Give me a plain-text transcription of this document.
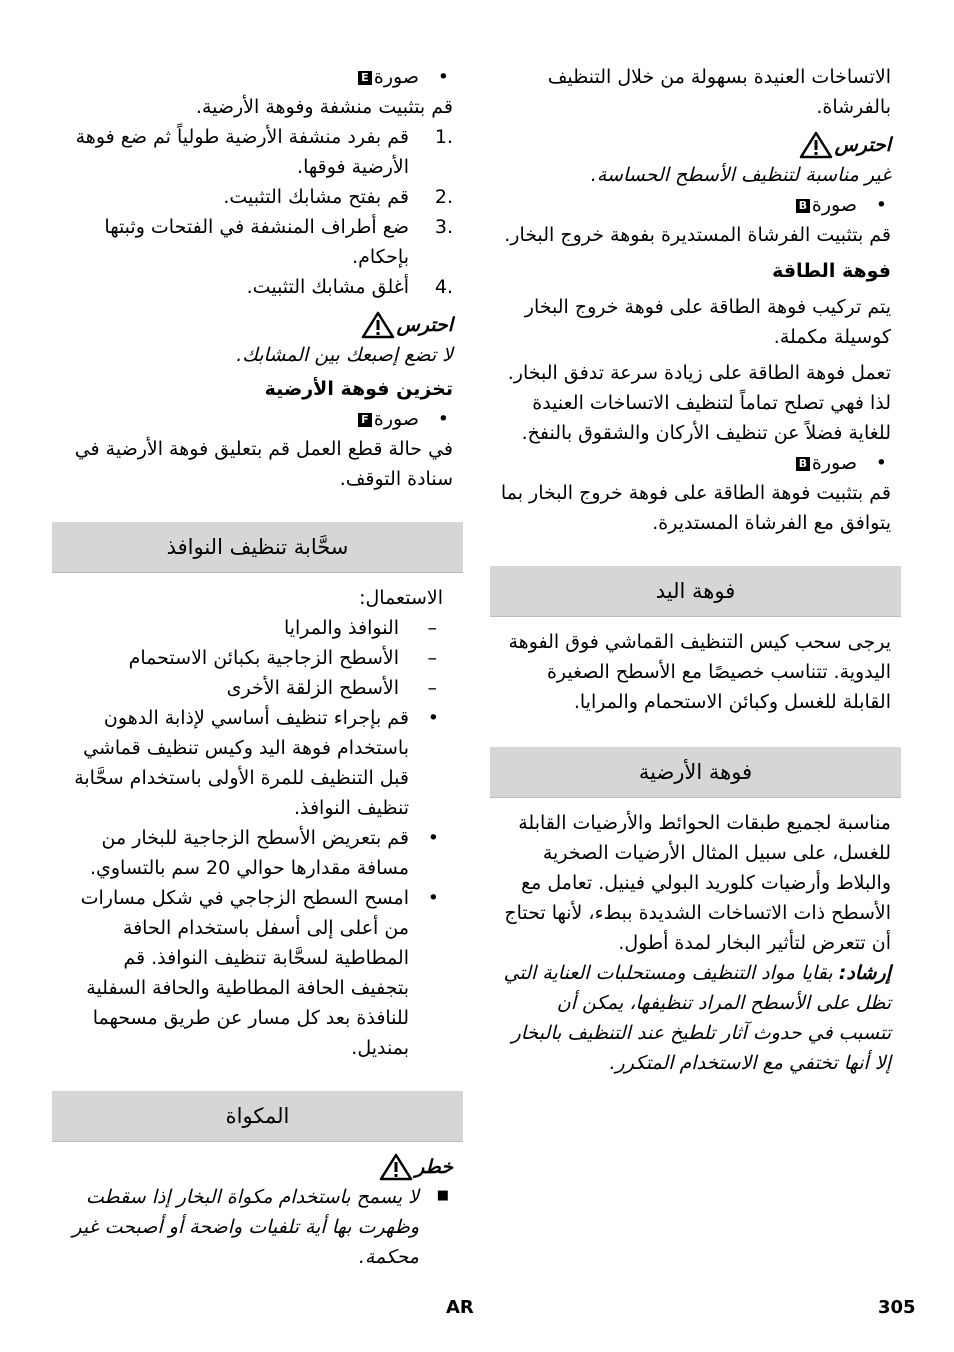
الاتساخات العنيدة بسهولة من خلال التنظيف بالفرشاة.
احترس
غير مناسبة لتنظيف الأسطح الحساسة.
• صورةB
قم بتثبيت الفرشاة المستديرة بفوهة خروج البخار.
فوهة الطاقة
يتم تركيب فوهة الطاقة على فوهة خروج البخار كوسيلة مكملة.
تعمل فوهة الطاقة على زيادة سرعة تدفق البخار. لذا فهي تصلح تماماً لتنظيف الاتساخات العنيدة للغاية فضلاً عن تنظيف الأركان والشقوق بالنفخ.
• صورةB
قم بتثبيت فوهة الطاقة على فوهة خروج البخار بما يتوافق مع الفرشاة المستديرة.
فوهة اليد
يرجى سحب كيس التنظيف القماشي فوق الفوهة اليدوية. تتناسب خصيصًا مع الأسطح الصغيرة القابلة للغسل وكبائن الاستحمام والمرايا.
فوهة الأرضية
مناسبة لجميع طبقات الحوائط والأرضيات القابلة للغسل، على سبيل المثال الأرضيات الصخرية والبلاط وأرضيات كلوريد البولي فينيل. تعامل مع الأسطح ذات الاتساخات الشديدة ببطء، لأنها تحتاج أن تتعرض لتأثير البخار لمدة أطول.
إرشاد: بقايا مواد التنظيف ومستحلبات العناية التي تظل على الأسطح المراد تنظيفها، يمكن أن تتسبب في حدوث آثار تلطيخ عند التنظيف بالبخار إلا أنها تختفي مع الاستخدام المتكرر.
• صورةE
قم بتثبيت منشفة وفوهة الأرضية.
1.
قم بفرد منشفة الأرضية طولياً ثم ضع فوهة الأرضية فوقها.
2.
قم بفتح مشابك التثبيت.
3.
ضع أطراف المنشفة في الفتحات وثبتها بإحكام.
4.
أغلق مشابك التثبيت.
احترس
لا تضع إصبعك بين المشابك.
تخزين فوهة الأرضية
• صورةF
في حالة قطع العمل قم بتعليق فوهة الأرضية في سنادة التوقف.
سحَّابة تنظيف النوافذ
الاستعمال:
– النوافذ والمرايا
– الأسطح الزجاجية بكبائن الاستحمام
– الأسطح الزلقة الأخرى
• قم بإجراء تنظيف أساسي لإذابة الدهون باستخدام فوهة اليد وكيس تنظيف قماشي قبل التنظيف للمرة الأولى باستخدام سحَّابة تنظيف النوافذ.
• قم بتعريض الأسطح الزجاجية للبخار من مسافة مقدارها حوالي 20 سم بالتساوي.
• امسح السطح الزجاجي في شكل مسارات من أعلى إلى أسفل باستخدام الحافة المطاطية لسحَّابة تنظيف النوافذ. قم بتجفيف الحافة المطاطية والحافة السفلية للنافذة بعد كل مسار عن طريق مسحهما بمنديل.
المكواة
خطر
■ لا يسمح باستخدام مكواة البخار إذا سقطت وظهرت بها أية تلفيات واضحة أو أصبحت غير محكمة.
AR	305
